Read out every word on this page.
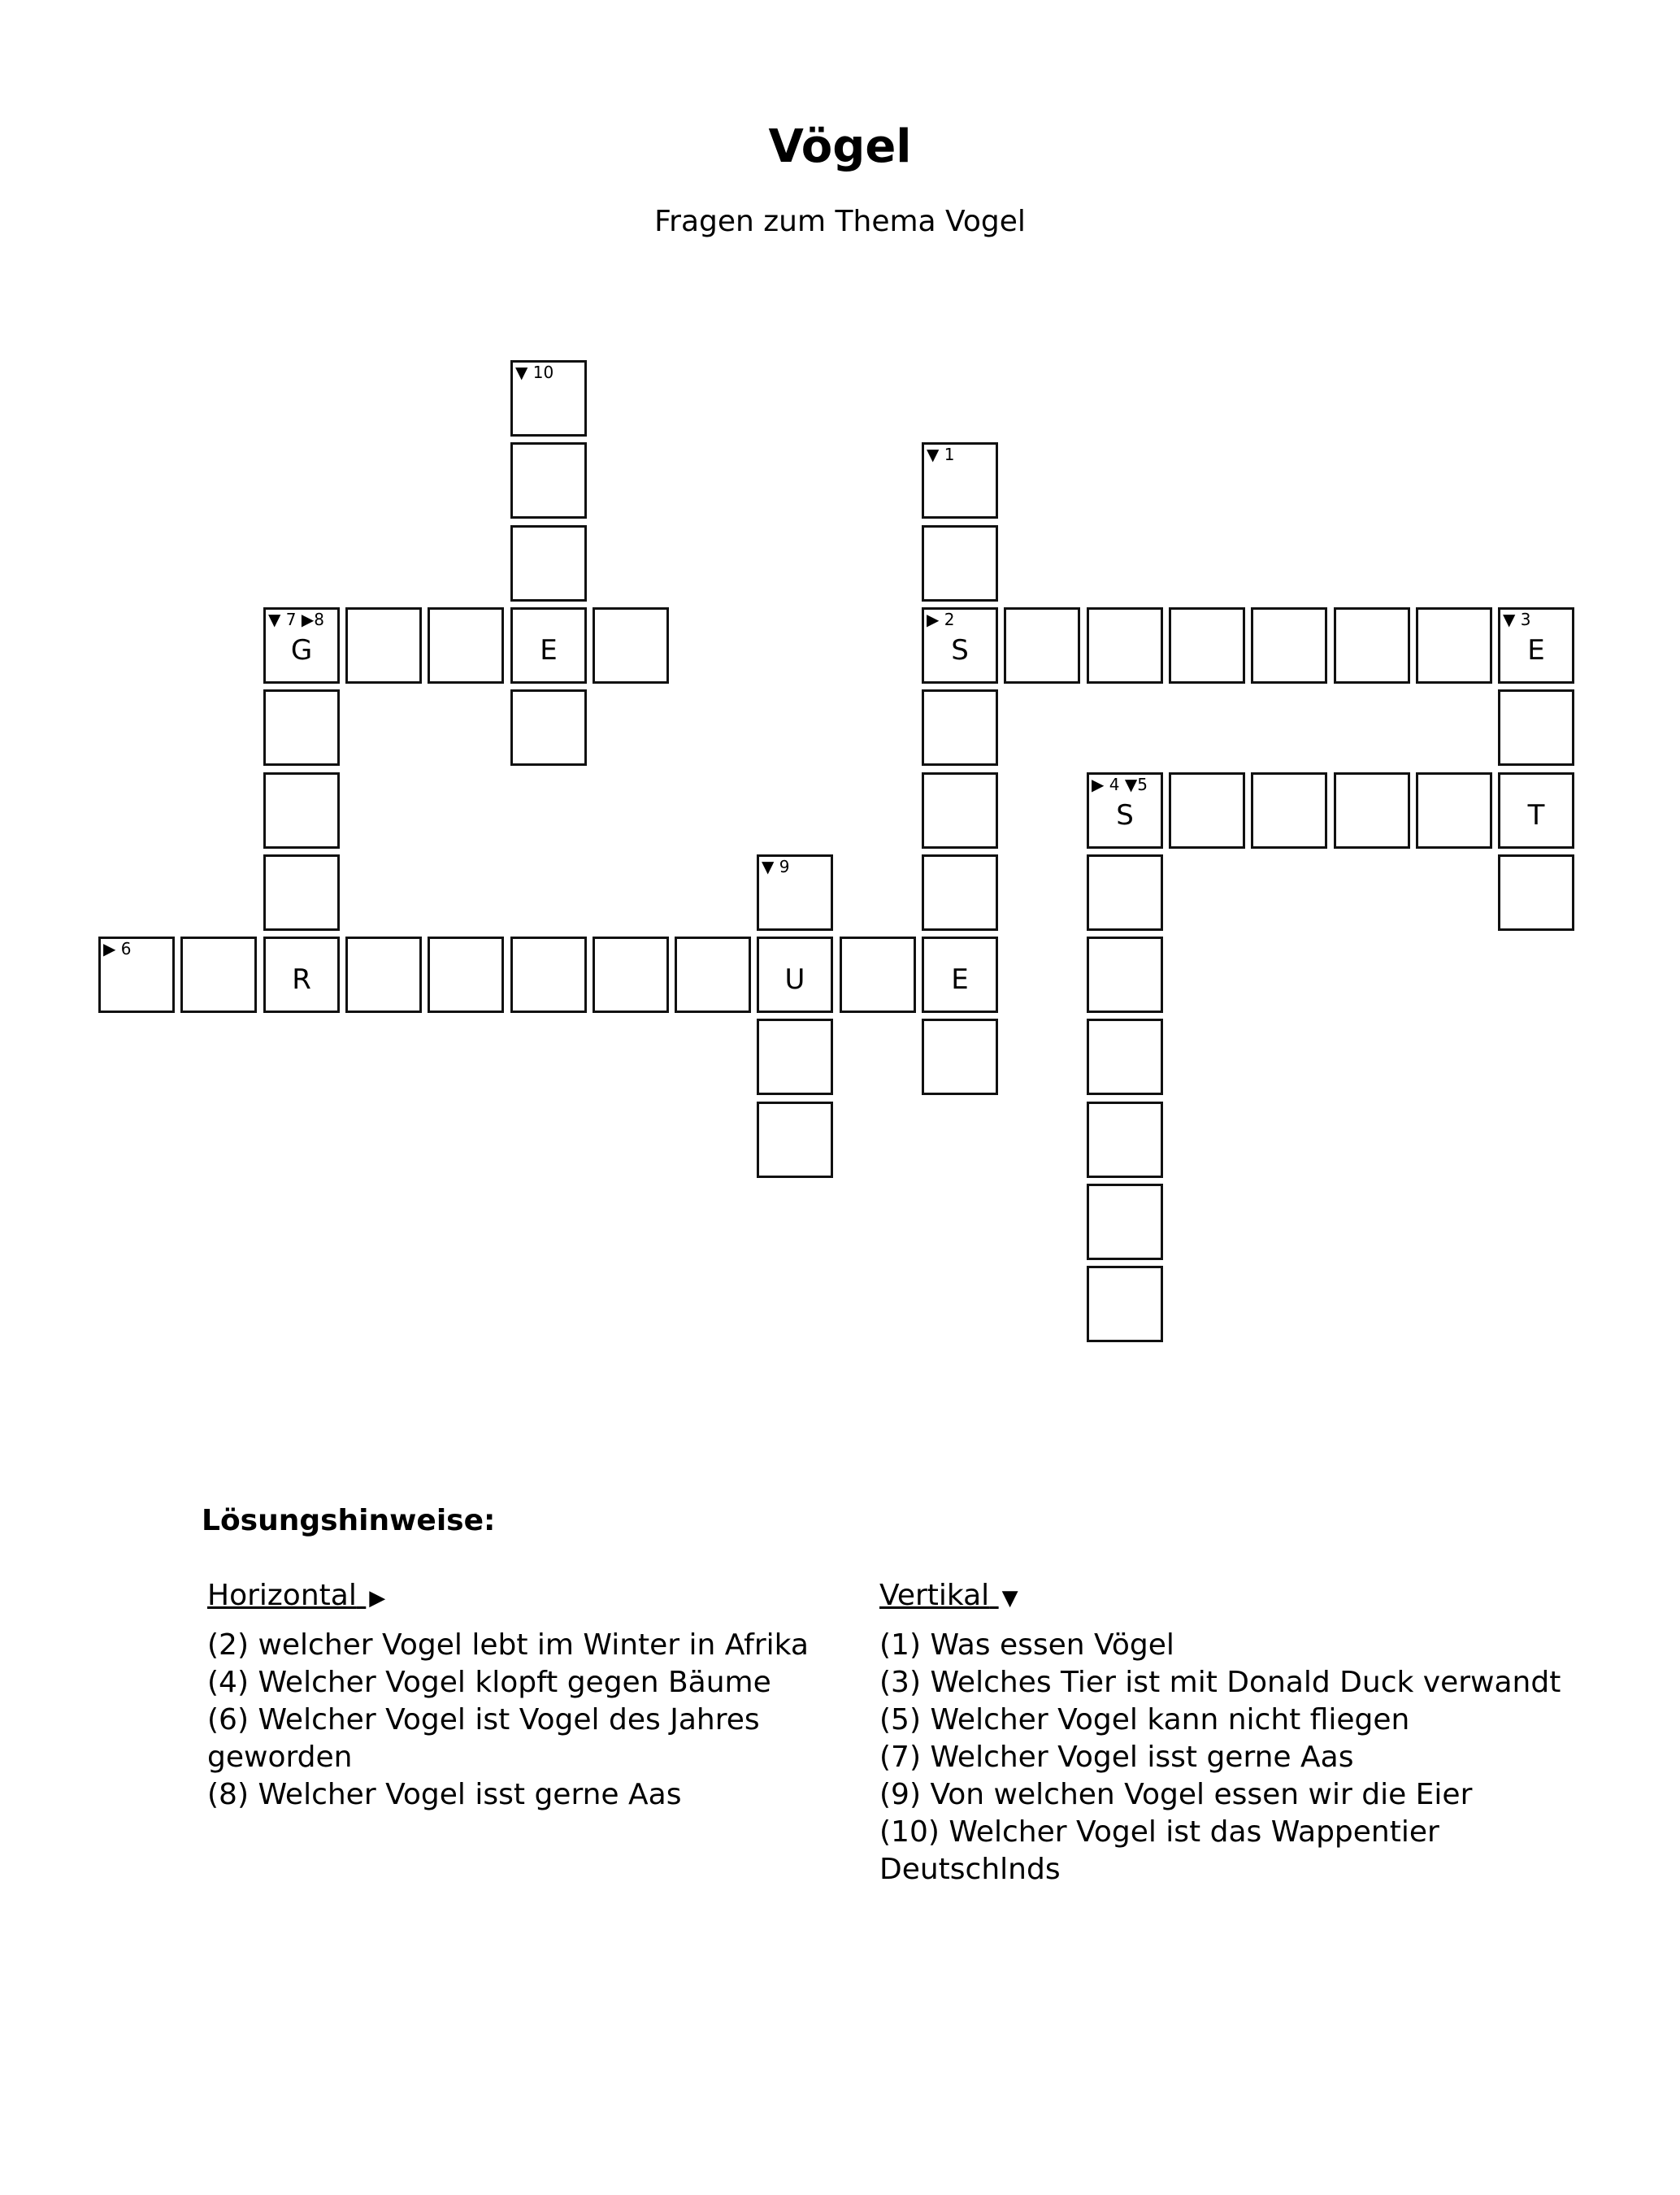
Vögel
Fragen zum Thema Vogel
▼ 10
▼ 1
▼ 7 ▶8
G	E
▶ 2
S
▼ 3
E
▶ 4 ▼5
S	T
▼ 9
▶ 6
R	U	E
Lösungshinweise:
Horizontal ▶
(2) welcher Vogel lebt im Winter in Afrika
(4) Welcher Vogel klopft gegen Bäume
(6) Welcher Vogel ist Vogel des Jahres geworden
(8) Welcher Vogel isst gerne Aas
Vertikal ▼
(1) Was essen Vögel
(3) Welches Tier ist mit Donald Duck verwandt
(5) Welcher Vogel kann nicht fliegen
(7) Welcher Vogel isst gerne Aas
(9) Von welchen Vogel essen wir die Eier
(10) Welcher Vogel ist das Wappentier Deutschlnds
